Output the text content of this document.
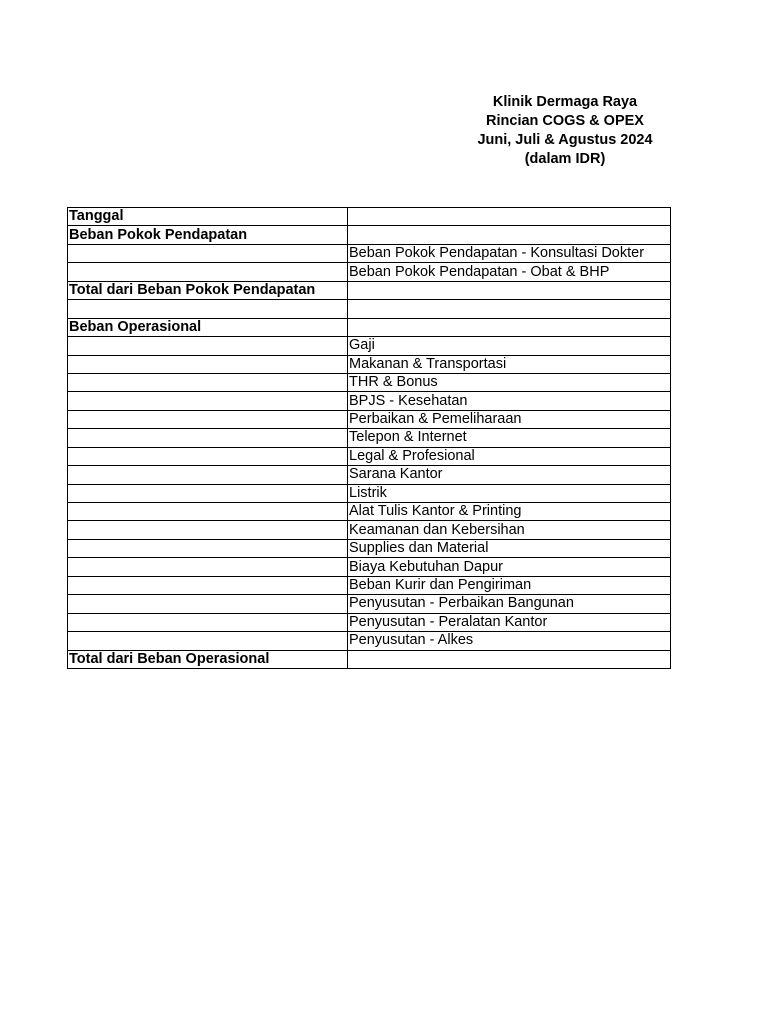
Klinik Dermaga Raya
Rincian COGS & OPEX
Juni, Juli & Agustus 2024
(dalam IDR)
Tanggal	
Beban Pokok Pendapatan	
	Beban Pokok Pendapatan - Konsultasi Dokter
	Beban Pokok Pendapatan - Obat & BHP
Total dari Beban Pokok Pendapatan	

Beban Operasional	
	Gaji
	Makanan & Transportasi
	THR & Bonus
	BPJS - Kesehatan
	Perbaikan & Pemeliharaan
	Telepon & Internet
	Legal & Profesional
	Sarana Kantor
	Listrik
	Alat Tulis Kantor & Printing
	Keamanan dan Kebersihan
	Supplies dan Material
	Biaya Kebutuhan Dapur
	Beban Kurir dan Pengiriman
	Penyusutan - Perbaikan Bangunan
	Penyusutan - Peralatan Kantor
	Penyusutan - Alkes
Total dari Beban Operasional	
